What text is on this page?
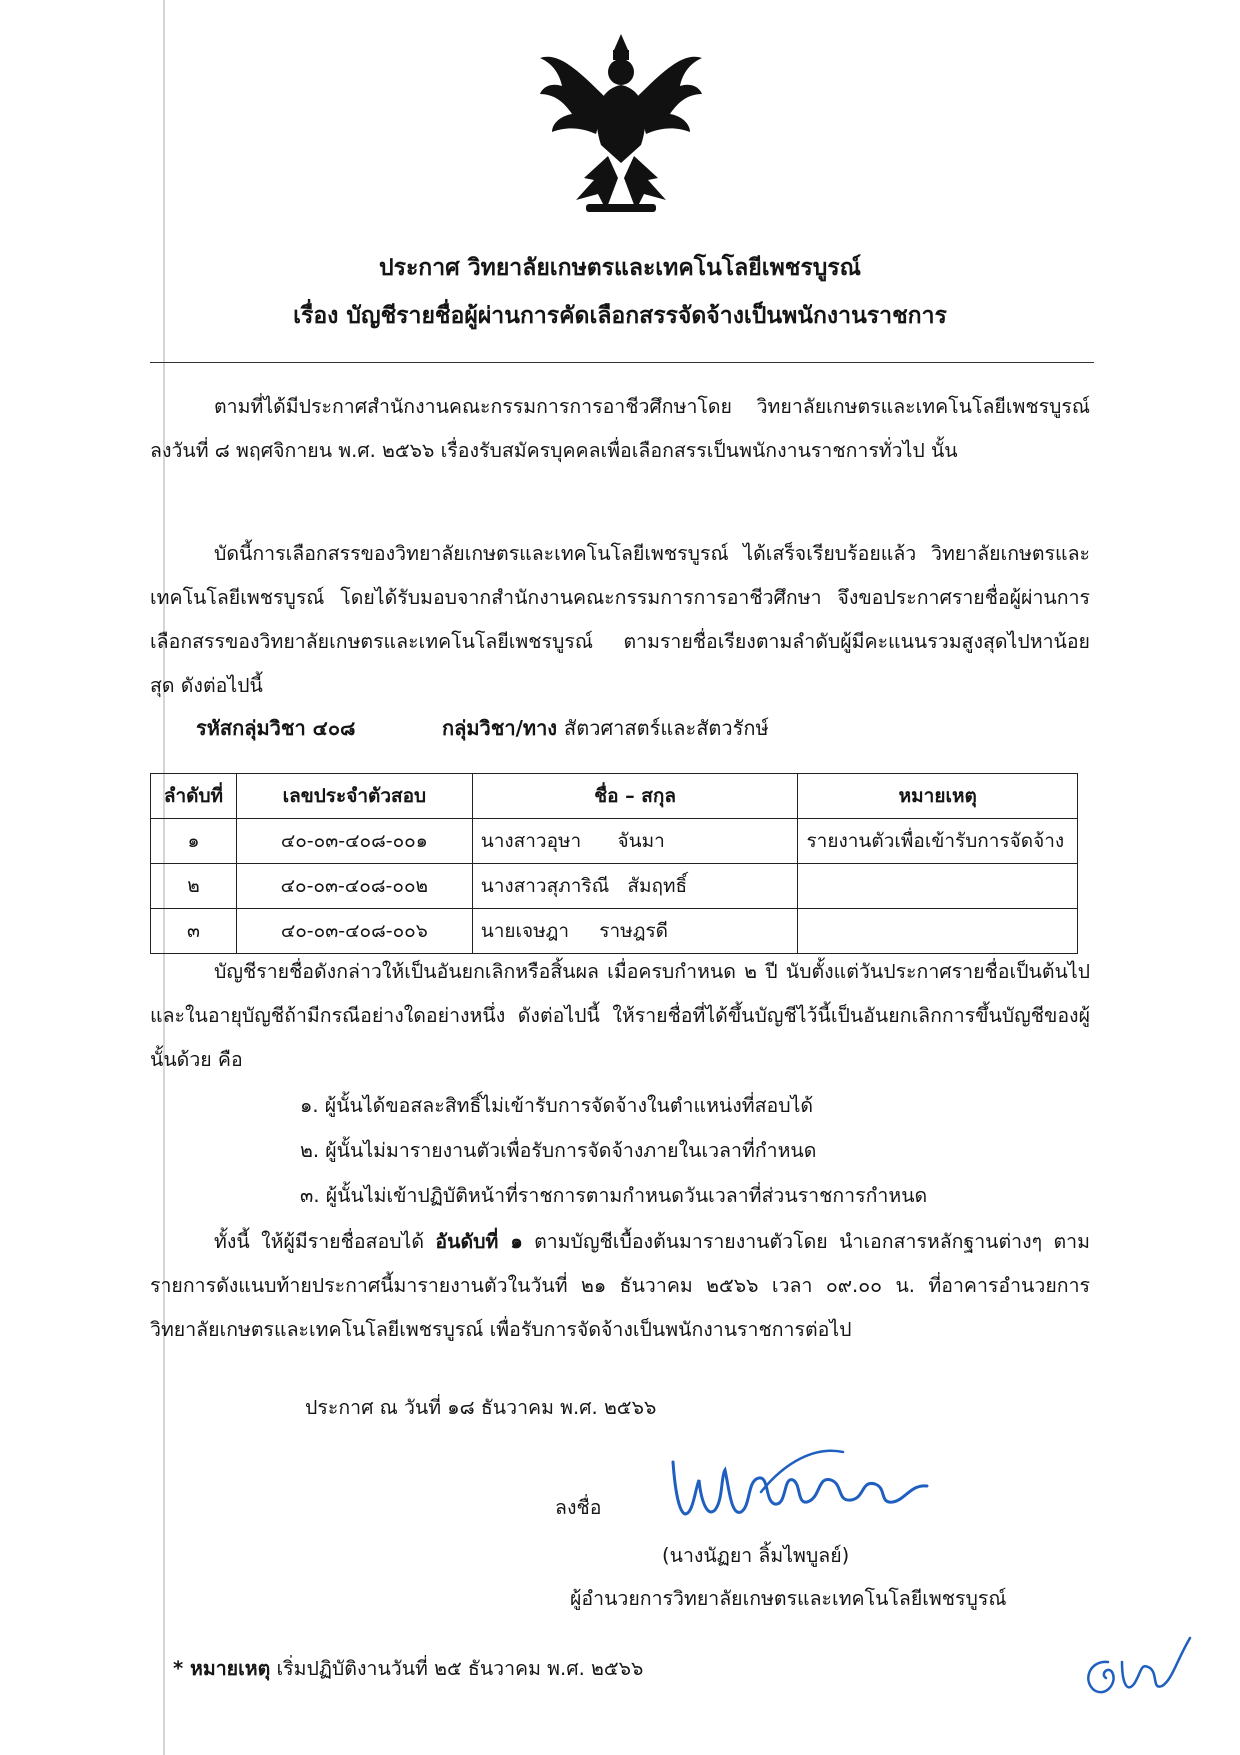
ประกาศ วิทยาลัยเกษตรและเทคโนโลยีเพชรบูรณ์
เรื่อง บัญชีรายชื่อผู้ผ่านการคัดเลือกสรรจัดจ้างเป็นพนักงานราชการ

ตามที่ได้มีประกาศสำนักงานคณะกรรมการการอาชีวศึกษาโดย วิทยาลัยเกษตรและเทคโนโลยีเพชรบูรณ์ ลงวันที่ ๘ พฤศจิกายน พ.ศ. ๒๕๖๖ เรื่องรับสมัครบุคคลเพื่อเลือกสรรเป็นพนักงานราชการทั่วไป นั้น

บัดนี้การเลือกสรรของวิทยาลัยเกษตรและเทคโนโลยีเพชรบูรณ์ ได้เสร็จเรียบร้อยแล้ว วิทยาลัยเกษตรและเทคโนโลยีเพชรบูรณ์ โดยได้รับมอบจากสำนักงานคณะกรรมการการอาชีวศึกษา จึงขอประกาศรายชื่อผู้ผ่านการเลือกสรรของวิทยาลัยเกษตรและเทคโนโลยีเพชรบูรณ์ ตามรายชื่อเรียงตามลำดับผู้มีคะแนนรวมสูงสุดไปหาน้อยสุด ดังต่อไปนี้

รหัสกลุ่มวิชา ๔๐๘	กลุ่มวิชา/ทาง สัตวศาสตร์และสัตวรักษ์
ลำดับที่	เลขประจำตัวสอบ	ชื่อ – สกุล	หมายเหตุ
๑	๔๐-๐๓-๔๐๘-๐๐๑	นางสาวอุษา      จันมา	รายงานตัวเพื่อเข้ารับการจัดจ้าง
๒	๔๐-๐๓-๔๐๘-๐๐๒	นางสาวสุภาริณี   สัมฤทธิ์	
๓	๔๐-๐๓-๔๐๘-๐๐๖	นายเจษฎา     ราษฎรดี	

บัญชีรายชื่อดังกล่าวให้เป็นอันยกเลิกหรือสิ้นผล เมื่อครบกำหนด ๒ ปี นับตั้งแต่วันประกาศรายชื่อเป็นต้นไป และในอายุบัญชีถ้ามีกรณีอย่างใดอย่างหนึ่ง ดังต่อไปนี้ ให้รายชื่อที่ได้ขึ้นบัญชีไว้นี้เป็นอันยกเลิกการขึ้นบัญชีของผู้นั้นด้วย คือ

๑. ผู้นั้นได้ขอสละสิทธิ์ไม่เข้ารับการจัดจ้างในตำแหน่งที่สอบได้
๒. ผู้นั้นไม่มารายงานตัวเพื่อรับการจัดจ้างภายในเวลาที่กำหนด
๓. ผู้นั้นไม่เข้าปฏิบัติหน้าที่ราชการตามกำหนดวันเวลาที่ส่วนราชการกำหนด

ทั้งนี้ ให้ผู้มีรายชื่อสอบได้ อันดับที่ ๑ ตามบัญชีเบื้องต้นมารายงานตัวโดย นำเอกสารหลักฐานต่างๆ ตามรายการดังแนบท้ายประกาศนี้มารายงานตัวในวันที่ ๒๑ ธันวาคม ๒๕๖๖ เวลา ๐๙.๐๐ น. ที่อาคารอำนวยการ วิทยาลัยเกษตรและเทคโนโลยีเพชรบูรณ์ เพื่อรับการจัดจ้างเป็นพนักงานราชการต่อไป

ประกาศ ณ วันที่ ๑๘ ธันวาคม พ.ศ. ๒๕๖๖
ลงชื่อ
(นางนัฏยา ลิ้มไพบูลย์)
ผู้อำนวยการวิทยาลัยเกษตรและเทคโนโลยีเพชรบูรณ์
* หมายเหตุ เริ่มปฏิบัติงานวันที่ ๒๕ ธันวาคม พ.ศ. ๒๕๖๖
